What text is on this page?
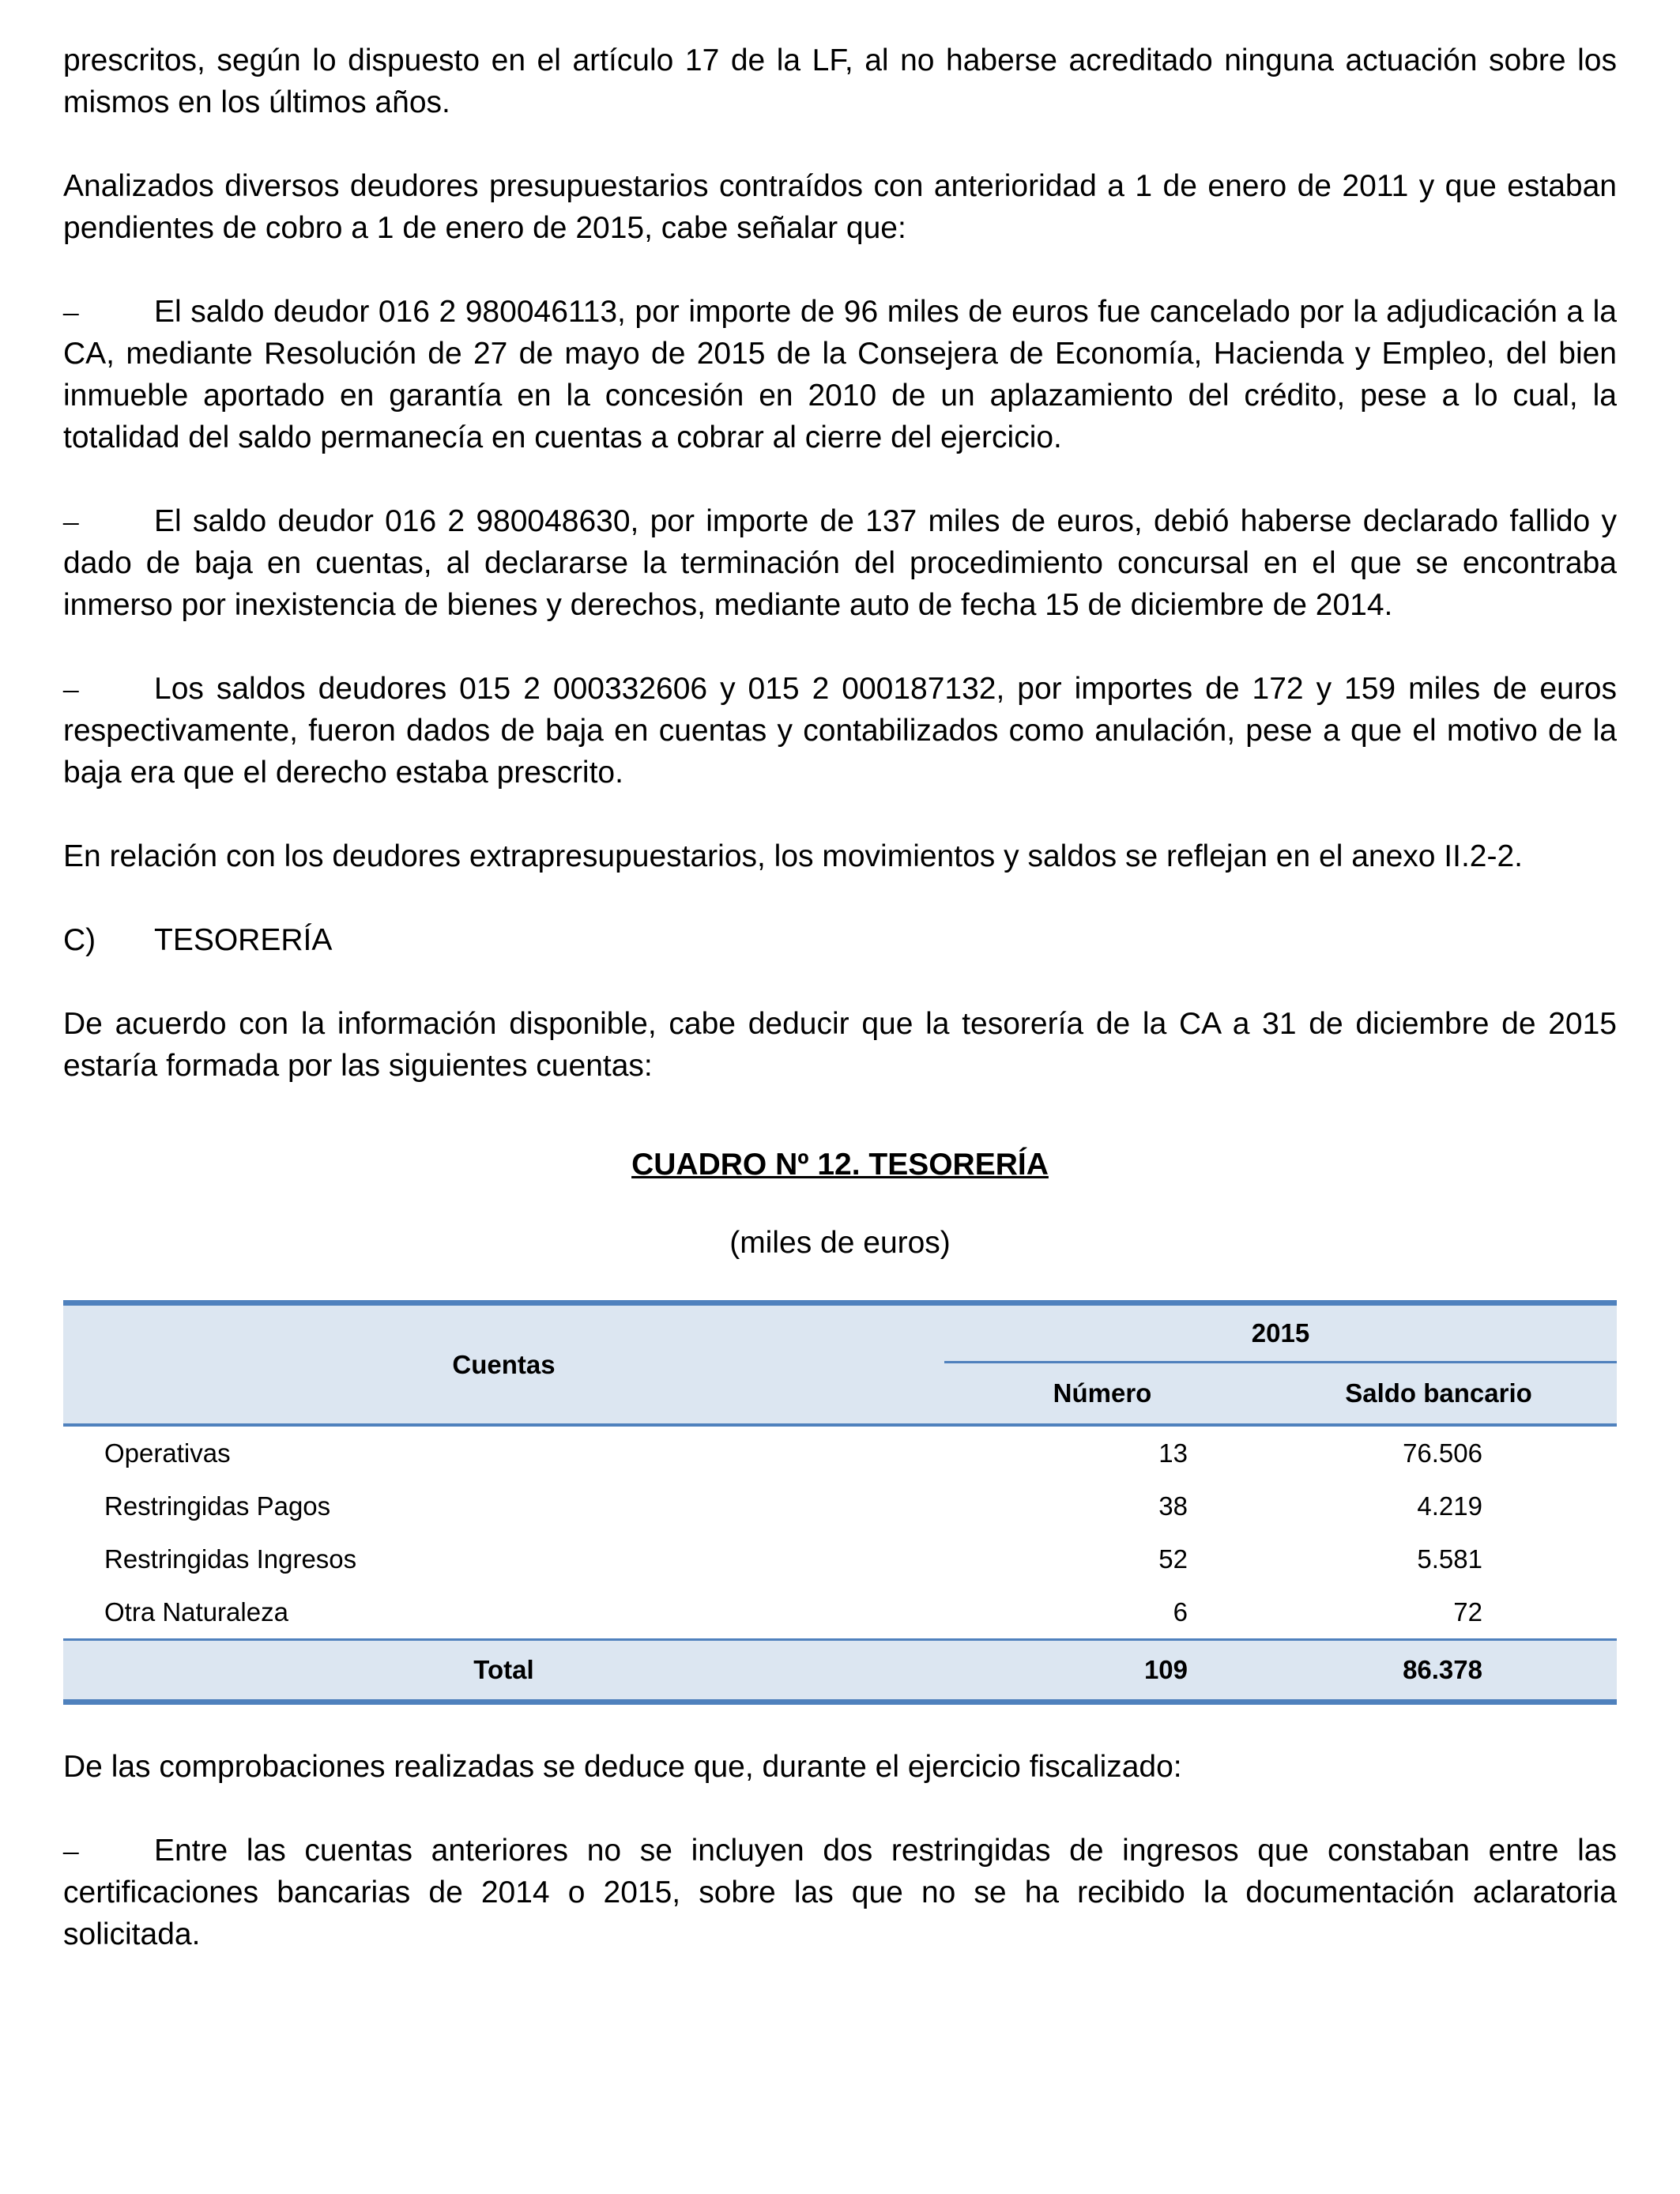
prescritos, según lo dispuesto en el artículo 17 de la LF, al no haberse acreditado ninguna actuación sobre los mismos en los últimos años.

Analizados diversos deudores presupuestarios contraídos con anterioridad a 1 de enero de 2011 y que estaban pendientes de cobro a 1 de enero de 2015, cabe señalar que:

– El saldo deudor 016 2 980046113, por importe de 96 miles de euros fue cancelado por la adjudicación a la CA, mediante Resolución de 27 de mayo de 2015 de la Consejera de Economía, Hacienda y Empleo, del bien inmueble aportado en garantía en la concesión en 2010 de un aplazamiento del crédito, pese a lo cual, la totalidad del saldo permanecía en cuentas a cobrar al cierre del ejercicio.

– El saldo deudor 016 2 980048630, por importe de 137 miles de euros, debió haberse declarado fallido y dado de baja en cuentas, al declararse la terminación del procedimiento concursal en el que se encontraba inmerso por inexistencia de bienes y derechos, mediante auto de fecha 15 de diciembre de 2014.

– Los saldos deudores 015 2 000332606 y 015 2 000187132, por importes de 172 y 159 miles de euros respectivamente, fueron dados de baja en cuentas y contabilizados como anulación, pese a que el motivo de la baja era que el derecho estaba prescrito.

En relación con los deudores extrapresupuestarios, los movimientos y saldos se reflejan en el anexo II.2-2.

C)	TESORERÍA

De acuerdo con la información disponible, cabe deducir que la tesorería de la CA a 31 de diciembre de 2015 estaría formada por las siguientes cuentas:

CUADRO Nº 12. TESORERÍA
(miles de euros)
Cuentas	2015	
	Número	Saldo bancario
Operativas	13	76.506
Restringidas Pagos	38	4.219
Restringidas Ingresos	52	5.581
Otra Naturaleza	6	72
Total	109	86.378

De las comprobaciones realizadas se deduce que, durante el ejercicio fiscalizado:

– Entre las cuentas anteriores no se incluyen dos restringidas de ingresos que constaban entre las certificaciones bancarias de 2014 o 2015, sobre las que no se ha recibido la documentación aclaratoria solicitada.
